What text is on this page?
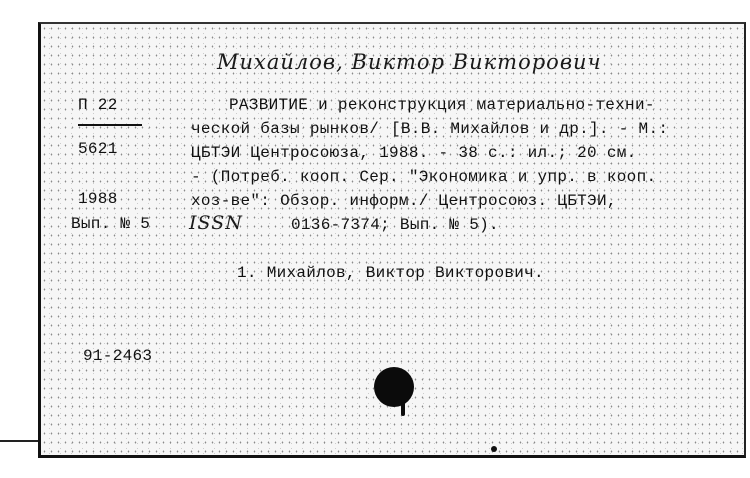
Михайлов, Виктор Викторович
П 22
5621
1988
Вып. № 5
РАЗВИТИЕ и реконструкция материально-техни-
ческой базы рынков/ [В.В. Михайлов и др.]. - М.:
ЦБТЭИ Центросоюза, 1988. - 38 с.: ил.; 20 см.
- (Потреб. кооп. Сер. "Экономика и упр. в кооп.
хоз-ве": Обзор. информ./ Центросоюз. ЦБТЭИ,
ISSN	0136-7374; Вып. № 5).
1. Михайлов, Виктор Викторович.
91-2463
